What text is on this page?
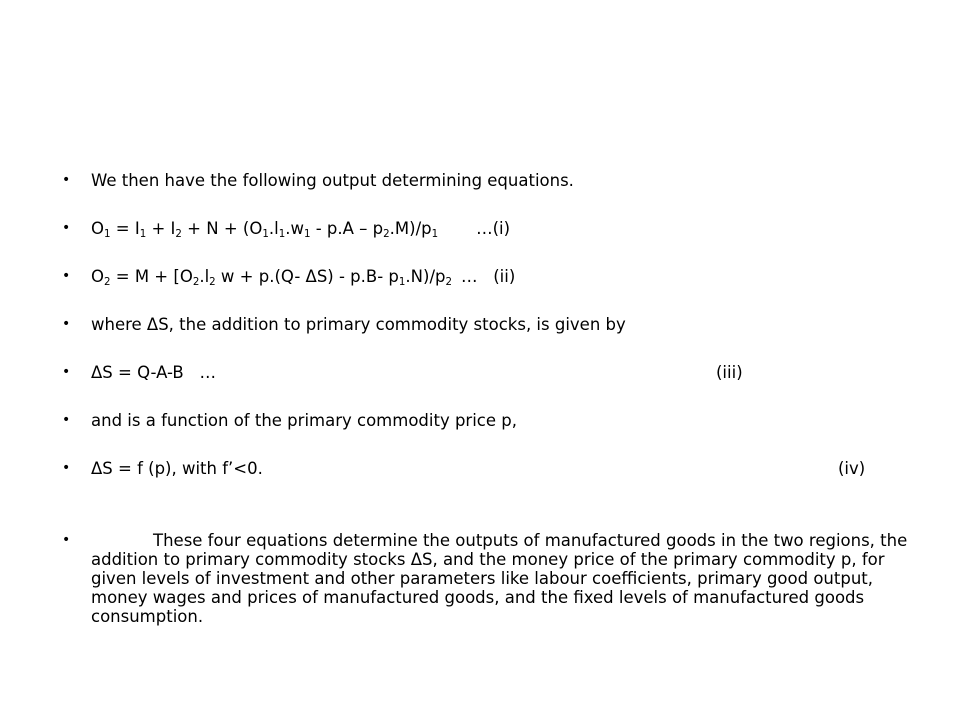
• We then have the following output determining equations.
• $O_1 = I_1 + I_2 + N + (O_1.l_1.w_1 - p.A - p_2.M)/p_1$ …(i)
• $O_2 = M + [O_2.l_2$ w + p.(Q- ΔS) - p.B- $p_1.N)/p_2$ …   (ii)
• where ΔS, the addition to primary commodity stocks, is given by
• ΔS = Q-A-B   …	(iii)
• and is a function of the primary commodity price p,
• ΔS = f (p), with f’<0.	(iv)
•	These four equations determine the outputs of manufactured goods in the two regions, the addition to primary commodity stocks ΔS, and the money price of the primary commodity p, for given levels of investment and other parameters like labour coefficients, primary good output, money wages and prices of manufactured goods, and the fixed levels of manufactured goods consumption.
